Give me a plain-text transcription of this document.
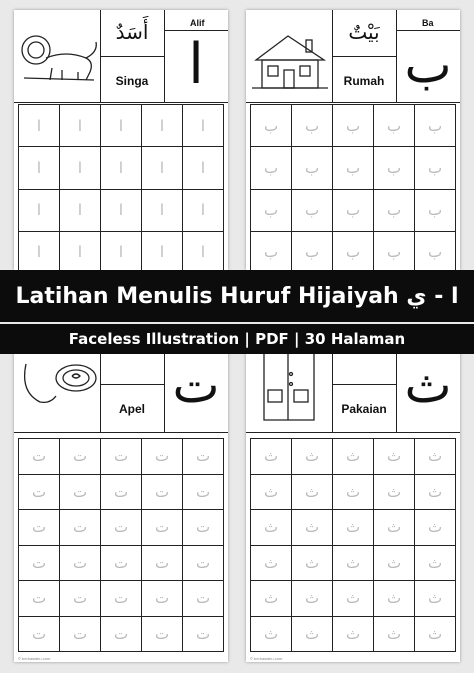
أَسَدٌ
Singa
Alif
ا
ا	ا	ا	ا	ا
ا	ا	ا	ا	ا
ا	ا	ا	ا	ا
ا	ا	ا	ا	ا
بَيْتٌ
Rumah
Ba
ب
ب	ب	ب	ب	ب
ب	ب	ب	ب	ب
ب	ب	ب	ب	ب
ب	ب	ب	ب	ب
Apel ت
ت	ت	ت	ت	ت
ت	ت	ت	ت	ت
ت	ت	ت	ت	ت
ت	ت	ت	ت	ت
ت	ت	ت	ت	ت
ت	ت	ت	ت	ت
© berkaslahu.com
Pakaian ث
ث	ث	ث	ث	ث
ث	ث	ث	ث	ث
ث	ث	ث	ث	ث
ث	ث	ث	ث	ث
ث	ث	ث	ث	ث
ث	ث	ث	ث	ث
© berkaslahu.com
Latihan Menulis Huruf Hijaiyah ا - ي
Faceless Illustration | PDF | 30 Halaman
